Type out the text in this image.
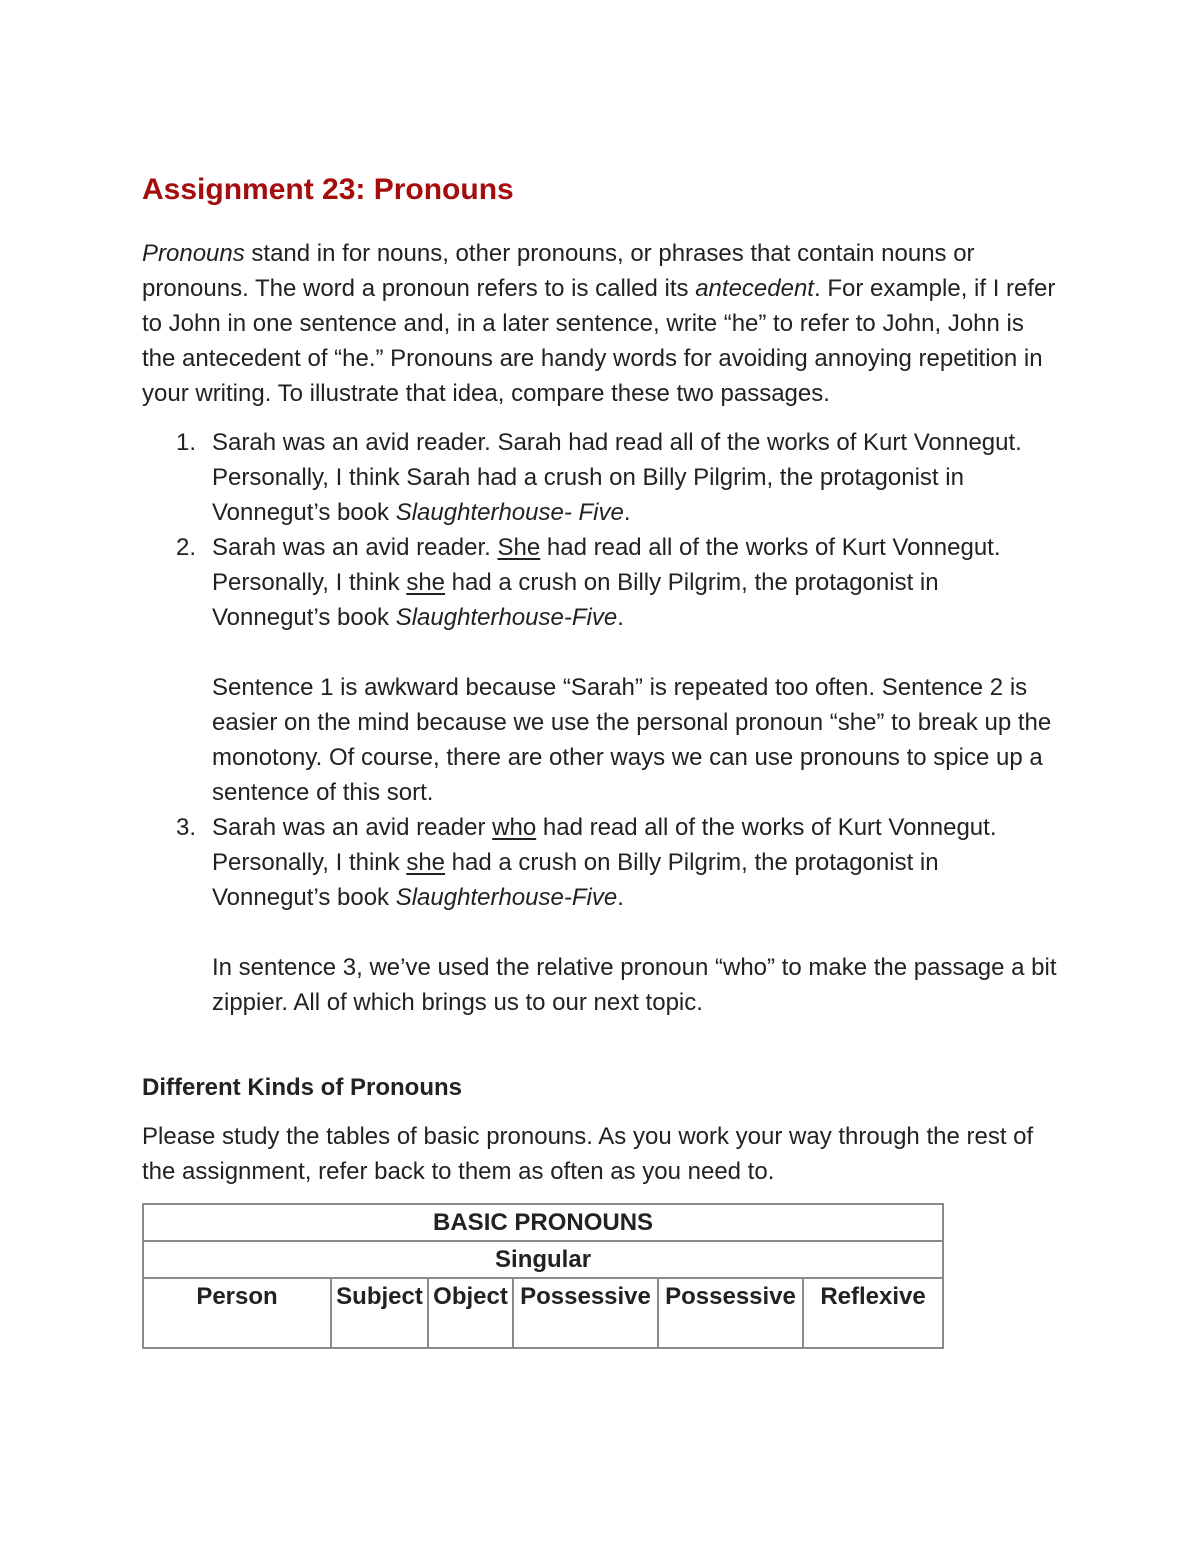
Assignment 23: Pronouns

Pronouns stand in for nouns, other pronouns, or phrases that contain nouns or pronouns. The word a pronoun refers to is called its antecedent. For example, if I refer to John in one sentence and, in a later sentence, write “he” to refer to John, John is the antecedent of “he.” Pronouns are handy words for avoiding annoying repetition in your writing. To illustrate that idea, compare these two passages.

1. Sarah was an avid reader. Sarah had read all of the works of Kurt Vonnegut. Personally, I think Sarah had a crush on Billy Pilgrim, the protagonist in Vonnegut’s book Slaughterhouse- Five.
2. Sarah was an avid reader. She had read all of the works of Kurt Vonnegut. Personally, I think she had a crush on Billy Pilgrim, the protagonist in Vonnegut’s book Slaughterhouse-Five.
Sentence 1 is awkward because “Sarah” is repeated too often. Sentence 2 is easier on the mind because we use the personal pronoun “she” to break up the monotony. Of course, there are other ways we can use pronouns to spice up a sentence of this sort.
3. Sarah was an avid reader who had read all of the works of Kurt Vonnegut. Personally, I think she had a crush on Billy Pilgrim, the protagonist in Vonnegut’s book Slaughterhouse-Five.
In sentence 3, we’ve used the relative pronoun “who” to make the passage a bit zippier. All of which brings us to our next topic.
Different Kinds of Pronouns

Please study the tables of basic pronouns. As you work your way through the rest of the assignment, refer back to them as often as you need to.

BASIC PRONOUNS
Singular
Person	Subject	Object	Possessive	Possessive	Reflexive
